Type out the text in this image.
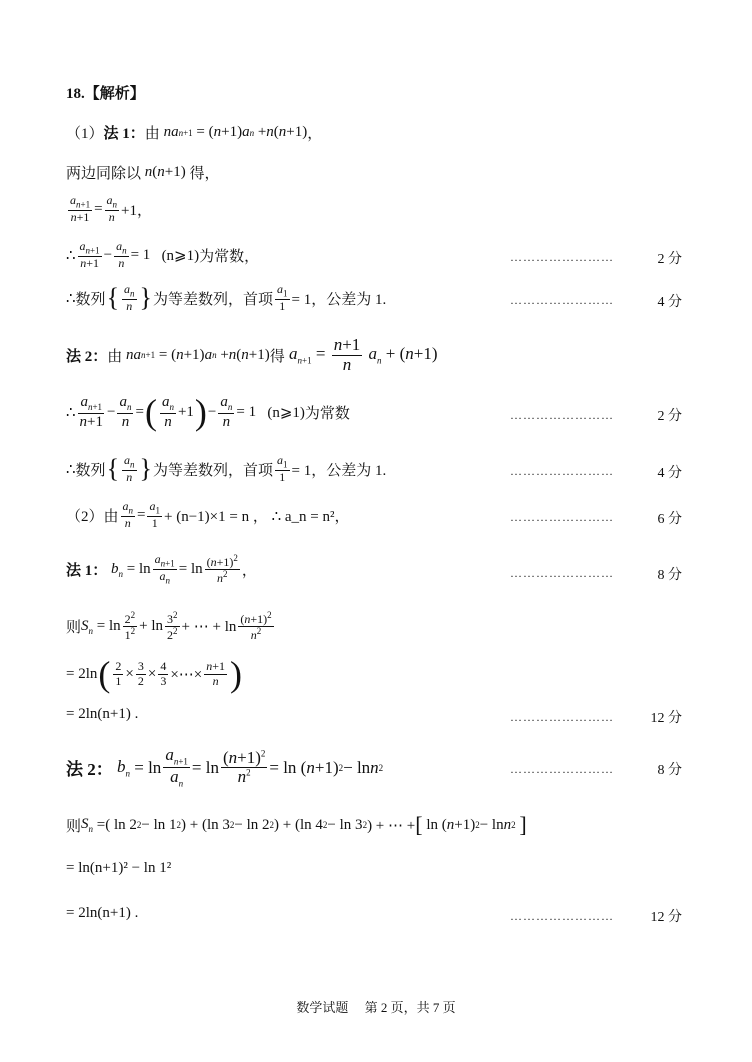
18.【解析】
（1） 法 1 ： 由 na n+1 = ( n +1) a n + n ( n +1) ，
两边同除以 n ( n +1) 得，
$\frac{a_{n+1}}{n+1} = \frac{a_n}{n} +1$，
∴ $\frac{a_{n+1}}{n+1} - \frac{a_n}{n} = 1$
(n⩾1) 为常数，	……………………	2 分
∴ 数列 { $\frac{a_n}{n}$ } 为等差数列，首项 $\frac{a_1}{1} = 1$，公差为 1.	……………………	4 分
法 2 ： 由 na n+1 = ( n +1) a n + n ( n +1) 得 $a_{n+1} = \frac{n+1}{n} a_n + (n+1)$
∴ $\frac{a_{n+1}}{n+1} - \frac{a_n}{n}$ = ( $\frac{a_n}{n} +1$ ) − $\frac{a_n}{n} = 1$ (n⩾1) 为常数	……………………	2 分
∴ 数列 { $\frac{a_n}{n}$ } 为等差数列，首项 $\frac{a_1}{1} = 1$，公差为 1.	……………………	4 分
（2）由 $\frac{a_n}{n} = \frac{a_1}{1} + (n-1)\times 1 = n$ ，
∴ a_n = n²，	……………………	6 分
法 1 ： $b_n = \ln \frac{a_{n+1}}{a_n} = \ln \frac{(n+1)^2}{n^2}$ ，	……………………	8 分
则 $S_n = \ln \frac{2^2}{1^2} + \ln \frac{3^2}{2^2}$ + ⋯ + $\ln \frac{(n+1)^2}{n^2}$
= 2ln ( $\frac{2}{1} \times \frac{3}{2} \times \frac{4}{3}$ ×⋯× $\frac{n+1}{n}$ )
= 2ln(n+1) .	……………………	12 分
法 2 ： $b_n = \ln \frac{a_{n+1}}{a_n} = \ln \frac{(n+1)^2}{n^2} = \ln$ ( n +1) 2 − ln n 2	……………………	8 分
则 $S_n$ =( ln 2 2 − ln 1 2 ) + (ln 3 2 − ln 2 2 ) + (ln 4 2 − ln 3 2 ) + ⋯ + [ ln ( n +1) 2 − ln n 2
]
= ln(n+1)² − ln 1²
= 2ln(n+1) .	……………………	12 分
数学试题　 第 2 页，共 7 页
